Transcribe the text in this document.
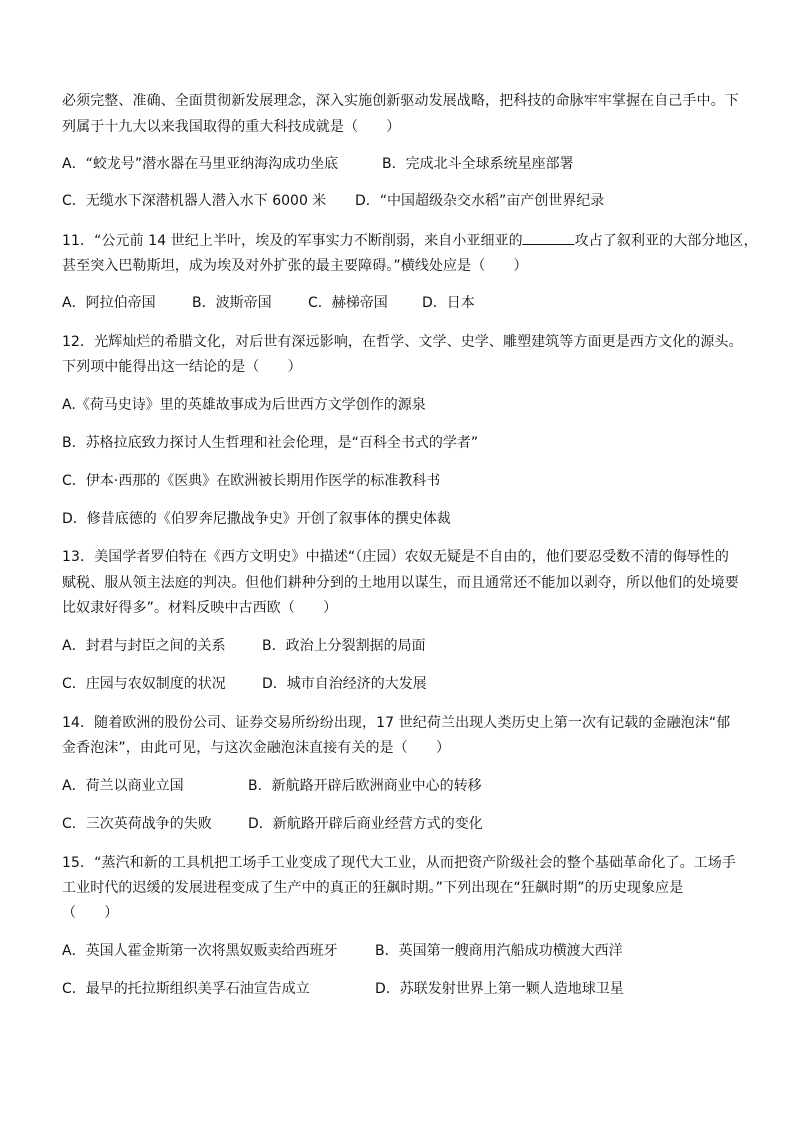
必须完整、准确、全面贯彻新发展理念，深入实施创新驱动发展战略，把科技的命脉牢牢掌握在自己手中。下
列属于十九大以来我国取得的重大科技成就是（　　）
A．“蛟龙号”潜水器在马里亚纳海沟成功坐底	B．完成北斗全球系统星座部署
C．无缆水下深潜机器人潜入水下 6000 米 D．“中国超级杂交水稻”亩产创世界纪录
11．“公元前 14 世纪上半叶，埃及的军事实力不断削弱，来自小亚细亚的	攻占了叙利亚的大部分地区，
甚至突入巴勒斯坦，成为埃及对外扩张的最主要障碍。”横线处应是（　　）
A．阿拉伯帝国	B．波斯帝国	C．赫梯帝国 D．日本
12．光辉灿烂的希腊文化，对后世有深远影响，在哲学、文学、史学、雕塑建筑等方面更是西方文化的源头。
下列项中能得出这一结论的是（　　）
A.《荷马史诗》里的英雄故事成为后世西方文学创作的源泉
B．苏格拉底致力探讨人生哲理和社会伦理，是“百科全书式的学者”
C．伊本·西那的《医典》在欧洲被长期用作医学的标准教科书
D．修昔底德的《伯罗奔尼撒战争史》开创了叙事体的撰史体裁
13．美国学者罗伯特在《西方文明史》中描述“（庄园）农奴无疑是不自由的，他们要忍受数不清的侮辱性的
赋税、服从领主法庭的判决。但他们耕种分到的土地用以谋生，而且通常还不能加以剥夺，所以他们的处境要
比奴隶好得多”。材料反映中古西欧（　　）
A．封君与封臣之间的关系	B．政治上分裂割据的局面
C．庄园与农奴制度的状况	D．城市自治经济的大发展
14．随着欧洲的股份公司、证券交易所纷纷出现，17 世纪荷兰出现人类历史上第一次有记载的金融泡沫“郁
金香泡沫”，由此可见，与这次金融泡沫直接有关的是（　　）
A．荷兰以商业立国	B．新航路开辟后欧洲商业中心的转移
C．三次英荷战争的失败	D．新航路开辟后商业经营方式的变化
15．“蒸汽和新的工具机把工场手工业变成了现代大工业，从而把资产阶级社会的整个基础革命化了。工场手
工业时代的迟缓的发展进程变成了生产中的真正的狂飙时期。”下列出现在“狂飙时期”的历史现象应是
（　　）
A．英国人霍金斯第一次将黑奴贩卖给西班牙	B．英国第一艘商用汽船成功横渡大西洋
C．最早的托拉斯组织美孚石油宣告成立	D．苏联发射世界上第一颗人造地球卫星
